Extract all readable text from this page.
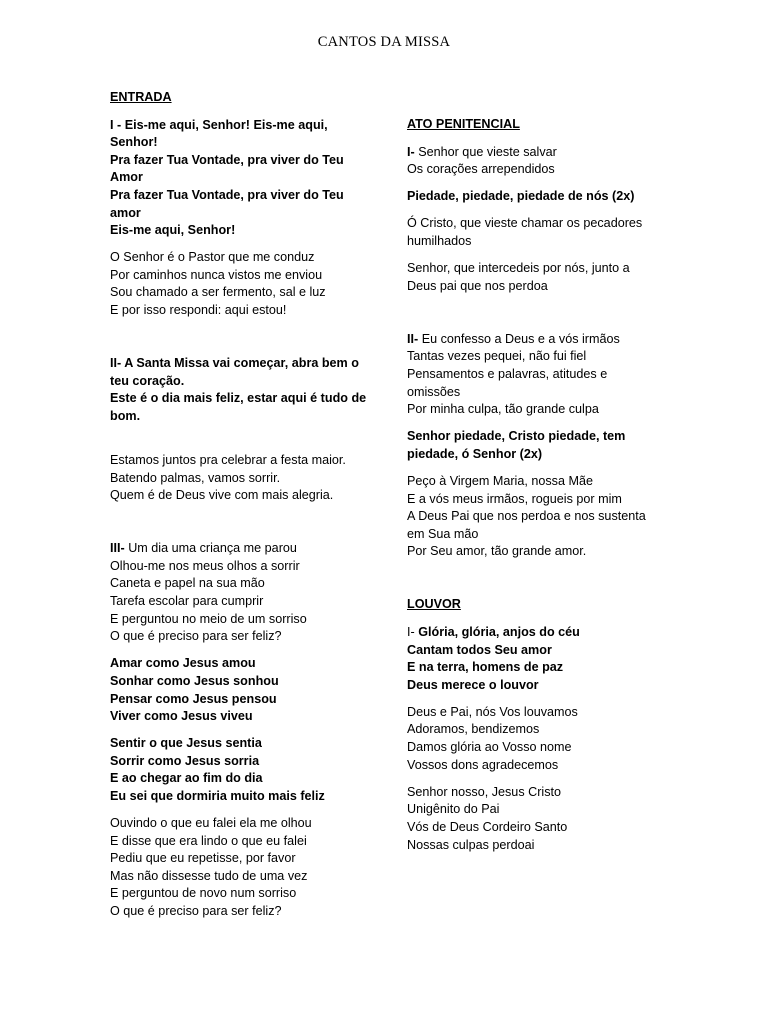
CANTOS DA MISSA
ENTRADA
I - Eis-me aqui, Senhor! Eis-me aqui,
Senhor!
Pra fazer Tua Vontade, pra viver do Teu
Amor
Pra fazer Tua Vontade, pra viver do Teu
amor
Eis-me aqui, Senhor!
O Senhor é o Pastor que me conduz
Por caminhos nunca vistos me enviou
Sou chamado a ser fermento, sal e luz
E por isso respondi: aqui estou!
II- A Santa Missa vai começar, abra bem o
teu coração.
Este é o dia mais feliz, estar aqui é tudo de
bom.
Estamos juntos pra celebrar a festa maior.
Batendo palmas, vamos sorrir.
Quem é de Deus vive com mais alegria.
III- Um dia uma criança me parou
Olhou-me nos meus olhos a sorrir
Caneta e papel na sua mão
Tarefa escolar para cumprir
E perguntou no meio de um sorriso
O que é preciso para ser feliz?
Amar como Jesus amou
Sonhar como Jesus sonhou
Pensar como Jesus pensou
Viver como Jesus viveu
Sentir o que Jesus sentia
Sorrir como Jesus sorria
E ao chegar ao fim do dia
Eu sei que dormiria muito mais feliz
Ouvindo o que eu falei ela me olhou
E disse que era lindo o que eu falei
Pediu que eu repetisse, por favor
Mas não dissesse tudo de uma vez
E perguntou de novo num sorriso
O que é preciso para ser feliz?
ATO PENITENCIAL
I- Senhor que vieste salvar
Os corações arrependidos
Piedade, piedade, piedade de nós (2x)
Ó Cristo, que vieste chamar os pecadores
humilhados
Senhor, que intercedeis por nós, junto a
Deus pai que nos perdoa
II- Eu confesso a Deus e a vós irmãos
Tantas vezes pequei, não fui fiel
Pensamentos e palavras, atitudes e
omissões
Por minha culpa, tão grande culpa
Senhor piedade, Cristo piedade, tem
piedade, ó Senhor (2x)
Peço à Virgem Maria, nossa Mãe
E a vós meus irmãos, rogueis por mim
A Deus Pai que nos perdoa e nos sustenta
em Sua mão
Por Seu amor, tão grande amor.
LOUVOR
I- Glória, glória, anjos do céu
Cantam todos Seu amor
E na terra, homens de paz
Deus merece o louvor
Deus e Pai, nós Vos louvamos
Adoramos, bendizemos
Damos glória ao Vosso nome
Vossos dons agradecemos
Senhor nosso, Jesus Cristo
Unigênito do Pai
Vós de Deus Cordeiro Santo
Nossas culpas perdoai
